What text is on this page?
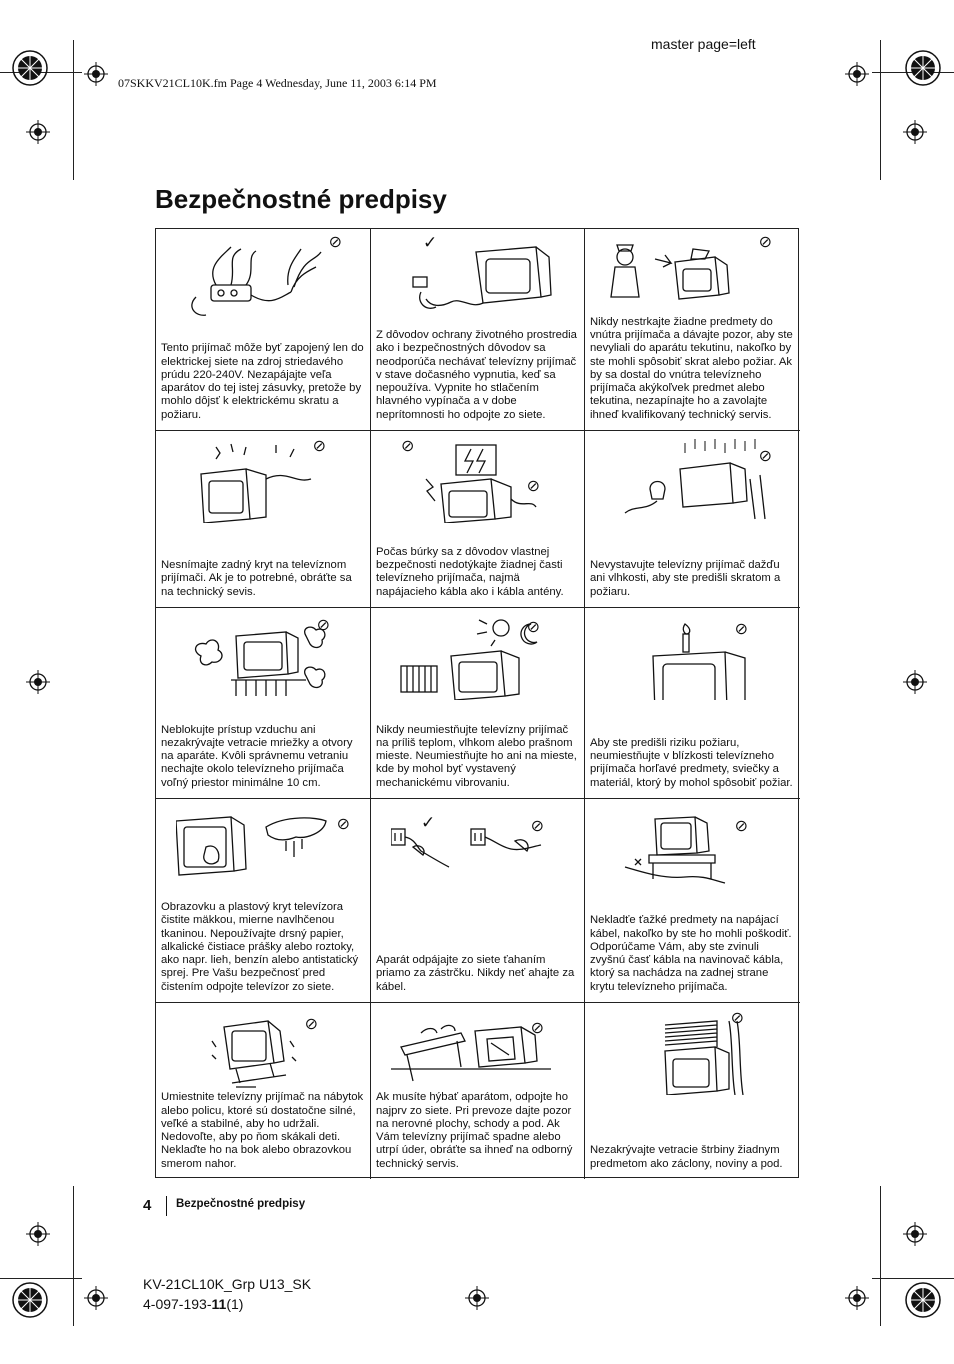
master page=left
07SKKV21CL10K.fm Page 4 Wednesday, June 11, 2003 6:14 PM
Bezpečnostné predpisy
⊘
Tento prijímač môže byť zapojený len do elektrickej siete na zdroj striedavého prúdu 220-240V. Nezapájajte veľa aparátov do tej istej zásuvky, pretože by mohlo dôjsť k elektrickému skratu a požiaru.
✓
Z dôvodov ochrany životného prostredia ako i bezpečnostných dôvodov sa neodporúča nechávať televízny prijímač v stave dočasného vypnutia, keď sa nepoužíva. Vypnite ho stlačením hlavného vypínača a v dobe neprítomnosti ho odpojte zo siete.
⊘
Nikdy nestrkajte žiadne predmety do vnútra prijímača a dávajte pozor, aby ste nevyliali do aparátu tekutinu, nakoľko by ste mohli spôsobiť skrat alebo požiar. Ak by sa dostal do vnútra televízneho prijímača akýkoľvek predmet alebo tekutina, nezapínajte ho a zavolajte ihneď kvalifikovaný technický servis.
⊘
Nesnímajte zadný kryt na televíznom prijímači. Ak je to potrebné, obráťte sa na technický sevis.
⊘
⊘
Počas búrky sa z dôvodov vlastnej bezpečnosti nedotýkajte žiadnej časti televízneho prijímača, najmä napájacieho kábla ako i kábla antény.
⊘
Nevystavujte televízny prijímač dažďu ani vlhkosti, aby ste predišli skratom a požiaru.
⊘
Neblokujte prístup vzduchu ani nezakrývajte vetracie mriežky a otvory na aparáte. Kvôli správnemu vetraniu nechajte okolo televízneho prijímača voľný priestor minimálne 10 cm.
⊘
Nikdy neumiestňujte televízny prijímač na príliš teplom, vlhkom alebo prašnom mieste. Neumiestňujte ho ani na mieste, kde by mohol byť vystavený mechanickému vibrovaniu.
⊘
Aby ste predišli riziku požiaru, neumiestňujte v blízkosti televízneho prijímača horľavé predmety, sviečky a materiál, ktorý by mohol spôsobiť požiar.
⊘
Obrazovku a plastový kryt televízora čistite mäkkou, mierne navlhčenou tkaninou. Nepoužívajte drsný papier, alkalické čistiace prášky alebo roztoky, ako napr. lieh, benzín alebo antistatický sprej. Pre Vašu bezpečnosť pred čistením odpojte televízor zo siete.
✓	⊘
Aparát odpájajte zo siete ťahaním priamo za zástrčku. Nikdy neť ahajte za kábel.
⊘
Nekladťe ťažké predmety na napájací kábel, nakoľko by ste ho mohli poškodiť. Odporúčame Vám, aby ste zvinuli zvyšnú časť kábla na navinovač kábla, ktorý sa nachádza na zadnej strane krytu televízneho prijímača.
⊘
Umiestnite televízny prijímač na nábytok alebo policu, ktoré sú dostatočne silné, veľké a stabilné, aby ho udržali. Nedovoľte, aby po ňom skákali deti. Neklaďte ho na bok alebo obrazovkou smerom nahor.
⊘
Ak musíte hýbať aparátom, odpojte ho najprv zo siete. Pri prevoze dajte pozor na nerovné plochy, schody a pod. Ak Vám televízny prijímač spadne alebo utrpí úder, obráťte sa ihneď na odborný technický servis.
⊘
Nezakrývajte vetracie štrbiny žiadnym predmetom ako záclony, noviny a pod.
4 Bezpečnostné predpisy
KV-21CL10K_Grp U13_SK
4-097-193-11(1)
